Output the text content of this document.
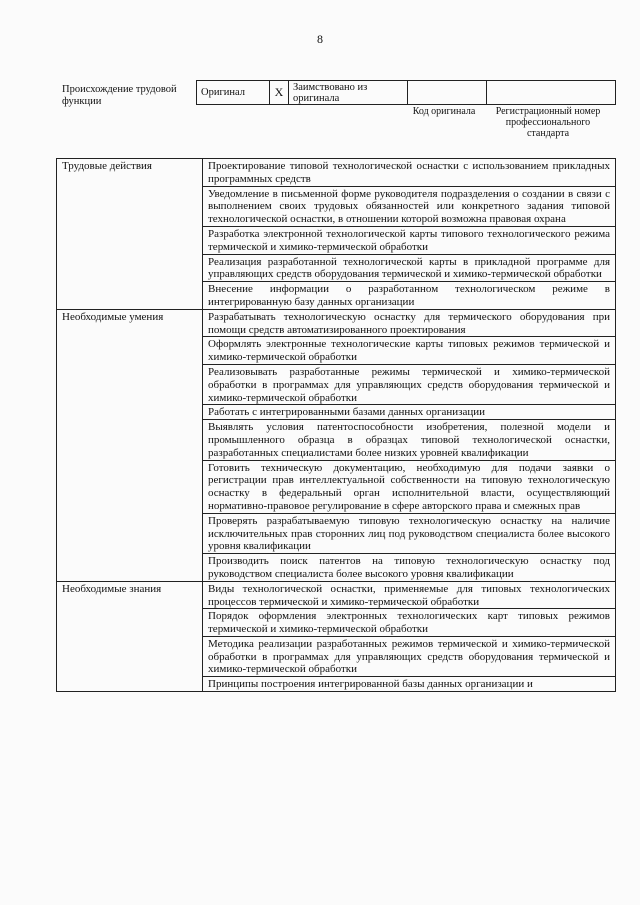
8
Происхождение трудовой функции
Оригинал	X	Заимствовано из оригинала		
Код оригинала	Регистрационный номер профессионального стандарта
Трудовые действия	Проектирование типовой технологической оснастки с использованием прикладных программных средств
	Уведомление в письменной форме руководителя подразделения о создании в связи с выполнением своих трудовых обязанностей или конкретного задания типовой технологической оснастки, в отношении которой возможна правовая охрана
	Разработка электронной технологической карты типового технологического режима термической и химико-термической обработки
	Реализация разработанной технологической карты в прикладной программе для управляющих средств оборудования термической и химико-термической обработки
	Внесение информации о разработанном технологическом режиме в интегрированную базу данных организации
Необходимые умения	Разрабатывать технологическую оснастку для термического оборудования при помощи средств автоматизированного проектирования
	Оформлять электронные технологические карты типовых режимов термической и химико-термической обработки
	Реализовывать разработанные режимы термической и химико-термической обработки в программах для управляющих средств оборудования термической и химико-термической обработки
	Работать с интегрированными базами данных организации
	Выявлять условия патентоспособности изобретения, полезной модели и промышленного образца в образцах типовой технологической оснастки, разработанных специалистами более низких уровней квалификации
	Готовить техническую документацию, необходимую для подачи заявки о регистрации прав интеллектуальной собственности на типовую технологическую оснастку в федеральный орган исполнительной власти, осуществляющий нормативно-правовое регулирование в сфере авторского права и смежных прав
	Проверять разрабатываемую типовую технологическую оснастку на наличие исключительных прав сторонних лиц под руководством специалиста более высокого уровня квалификации
	Производить поиск патентов на типовую технологическую оснастку под руководством специалиста более высокого уровня квалификации
Необходимые знания	Виды технологической оснастки, применяемые для типовых технологических процессов термической и химико-термической обработки
	Порядок оформления электронных технологических карт типовых режимов термической и химико-термической обработки
	Методика реализации разработанных режимов термической и химико-термической обработки в программах для управляющих средств оборудования термической и химико-термической обработки
	Принципы построения интегрированной базы данных организации и
